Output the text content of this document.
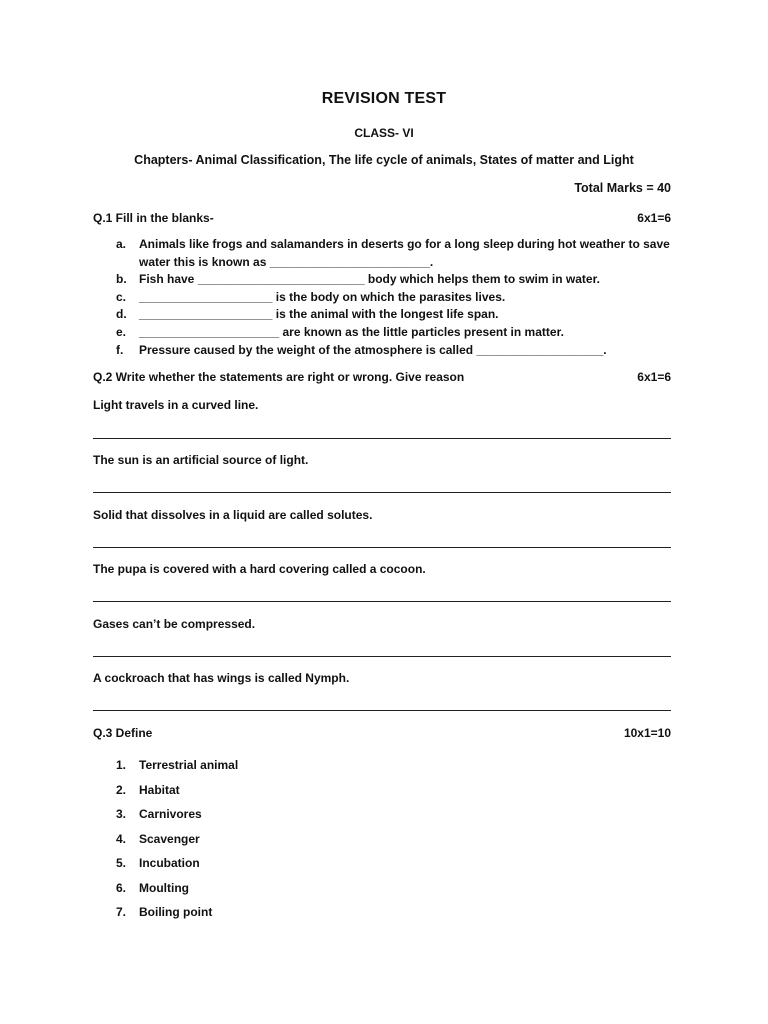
REVISION TEST
CLASS- VI
Chapters- Animal Classification, The life cycle of animals, States of matter and Light
Total Marks = 40
Q.1 Fill in the blanks-	6x1=6
a.	Animals like frogs and salamanders in deserts go for a long sleep during hot weather to save water this is known as ________________________.
b.	Fish have _________________________ body which helps them to swim in water.
c.	____________________ is the body on which the parasites lives.
d.	____________________ is the animal with the longest life span.
e.	_____________________ are known as the little particles present in matter.
f.	Pressure caused by the weight of the atmosphere is called ___________________.
Q.2 Write whether the statements are right or wrong. Give reason	6x1=6
Light travels in a curved line.
The sun is an artificial source of light.
Solid that dissolves in a liquid are called solutes.
The pupa is covered with a hard covering called a cocoon.
Gases can’t be compressed.
A cockroach that has wings is called Nymph.
Q.3 Define	10x1=10
1.	Terrestrial animal
2.	Habitat
3.	Carnivores
4.	Scavenger
5.	Incubation
6.	Moulting
7.	Boiling point
